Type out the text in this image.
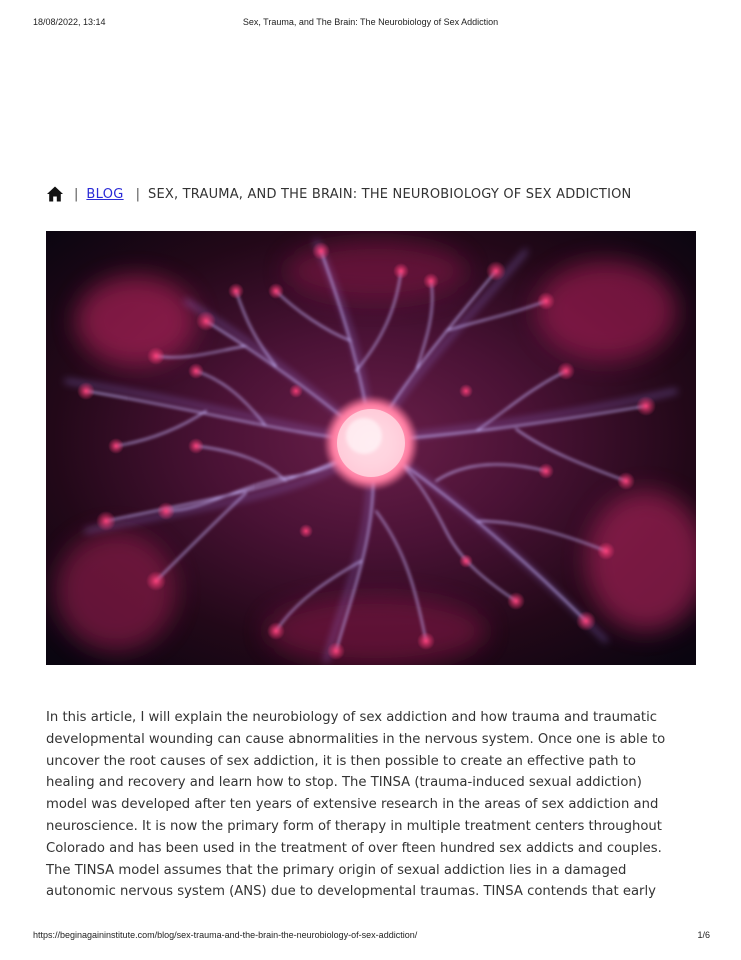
18/08/2022, 13:14	Sex, Trauma, and The Brain: The Neurobiology of Sex Addiction
| BLOG | SEX, TRAUMA, AND THE BRAIN: THE NEUROBIOLOGY OF SEX ADDICTION
In this article, I will explain the neurobiology of sex addiction and how trauma and traumatic
developmental wounding can cause abnormalities in the nervous system. Once one is able to
uncover the root causes of sex addiction, it is then possible to create an effective path to
healing and recovery and learn how to stop. The TINSA (trauma-induced sexual addiction)
model was developed after ten years of extensive research in the areas of sex addiction and
neuroscience. It is now the primary form of therapy in multiple treatment centers throughout
Colorado and has been used in the treatment of over fteen hundred sex addicts and couples.
The TINSA model assumes that the primary origin of sexual addiction lies in a damaged
autonomic nervous system (ANS) due to developmental traumas. TINSA contends that early
https://beginagaininstitute.com/blog/sex-trauma-and-the-brain-the-neurobiology-of-sex-addiction/	1/6
